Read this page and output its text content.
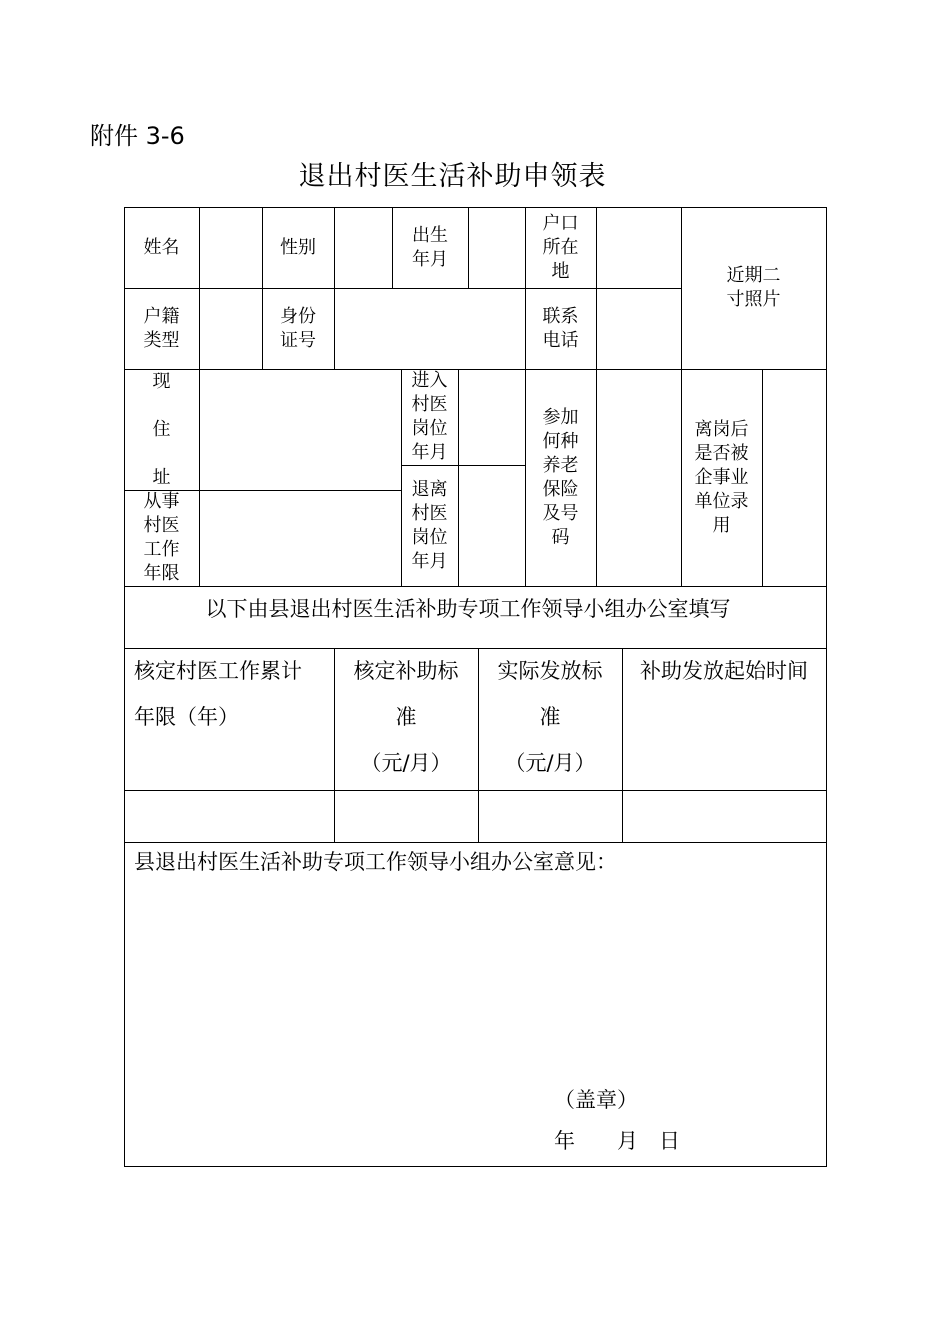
附件 3-6
退出村医生活补助申领表
姓名	性别
出生年月
户口所在地	近期二寸照片
户籍类型
身份证号
联系电话
现住址
进入村医岗位年月
参加何种养老保险及号码
离岗后是否被企事业单位录用
从事村医工作年限
退离村医岗位年月
以下由县退出村医生活补助专项工作领导小组办公室填写
核定村医工作累计
年限（年）
核定补助标
准
（元/月）
实际发放标
准
（元/月）
补助发放起始时间
县退出村医生活补助专项工作领导小组办公室意见：
（盖章）
年　　月　日
